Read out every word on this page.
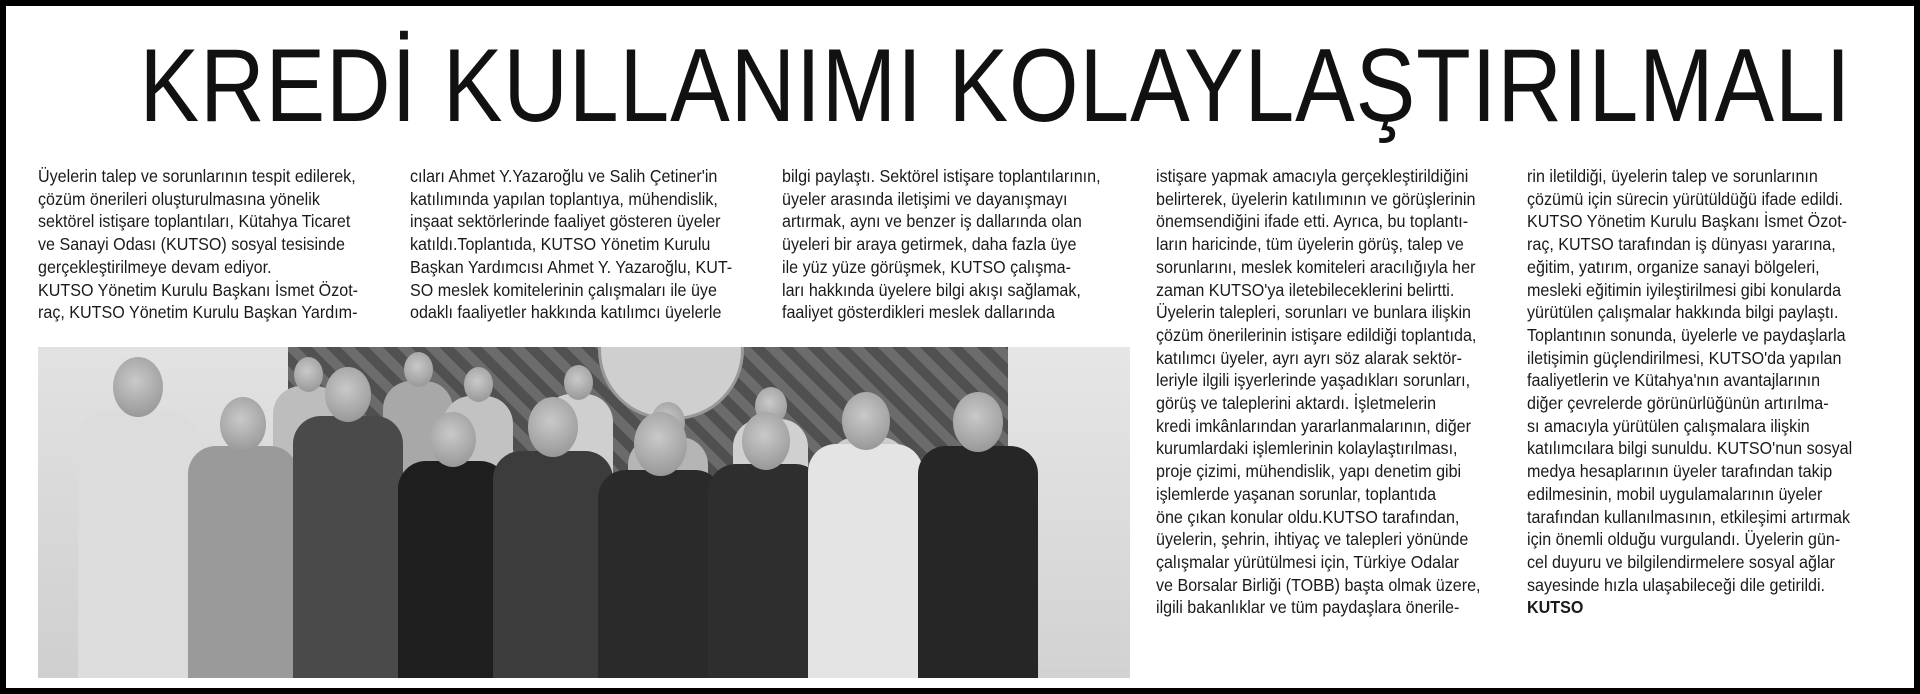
KREDİ KULLANIMI KOLAYLAŞTIRILMALI

Üyelerin talep ve sorunlarının tespit edilerek,

çözüm önerileri oluşturulmasına yönelik

sektörel istişare toplantıları, Kütahya Ticaret

ve Sanayi Odası (KUTSO) sosyal tesisinde

gerçekleştirilmeye devam ediyor.

KUTSO Yönetim Kurulu Başkanı İsmet Özot-

raç, KUTSO Yönetim Kurulu Başkan Yardım-

cıları Ahmet Y.Yazaroğlu ve Salih Çetiner'in

katılımında yapılan toplantıya, mühendislik,

inşaat sektörlerinde faaliyet gösteren üyeler

katıldı.Toplantıda, KUTSO Yönetim Kurulu

Başkan Yardımcısı Ahmet Y. Yazaroğlu, KUT-

SO meslek komitelerinin çalışmaları ile üye

odaklı faaliyetler hakkında katılımcı üyelerle

bilgi paylaştı. Sektörel istişare toplantılarının,

üyeler arasında iletişimi ve dayanışmayı

artırmak, aynı ve benzer iş dallarında olan

üyeleri bir araya getirmek, daha fazla üye

ile yüz yüze görüşmek, KUTSO çalışma-

ları hakkında üyelere bilgi akışı sağlamak,

faaliyet gösterdikleri meslek dallarında

istişare yapmak amacıyla gerçekleştirildiğini

belirterek, üyelerin katılımının ve görüşlerinin

önemsendiğini ifade etti. Ayrıca, bu toplantı-

ların haricinde, tüm üyelerin görüş, talep ve

sorunlarını, meslek komiteleri aracılığıyla her

zaman KUTSO'ya iletebileceklerini belirtti.

Üyelerin talepleri, sorunları ve bunlara ilişkin

çözüm önerilerinin istişare edildiği toplantıda,

katılımcı üyeler, ayrı ayrı söz alarak sektör-

leriyle ilgili işyerlerinde yaşadıkları sorunları,

görüş ve taleplerini aktardı. İşletmelerin

kredi imkânlarından yararlanmalarının, diğer

kurumlardaki işlemlerinin kolaylaştırılması,

proje çizimi, mühendislik, yapı denetim gibi

işlemlerde yaşanan sorunlar, toplantıda

öne çıkan konular oldu.KUTSO tarafından,

üyelerin, şehrin, ihtiyaç ve talepleri yönünde

çalışmalar yürütülmesi için, Türkiye Odalar

ve Borsalar Birliği (TOBB) başta olmak üzere,

ilgili bakanlıklar ve tüm paydaşlara önerile-

rin iletildiği, üyelerin talep ve sorunlarının

çözümü için sürecin yürütüldüğü ifade edildi.

KUTSO Yönetim Kurulu Başkanı İsmet Özot-

raç, KUTSO tarafından iş dünyası yararına,

eğitim, yatırım, organize sanayi bölgeleri,

mesleki eğitimin iyileştirilmesi gibi konularda

yürütülen çalışmalar hakkında bilgi paylaştı.

Toplantının sonunda, üyelerle ve paydaşlarla

iletişimin güçlendirilmesi, KUTSO'da yapılan

faaliyetlerin ve Kütahya'nın avantajlarının

diğer çevrelerde görünürlüğünün artırılma-

sı amacıyla yürütülen çalışmalara ilişkin

katılımcılara bilgi sunuldu. KUTSO'nun sosyal

medya hesaplarının üyeler tarafından takip

edilmesinin, mobil uygulamalarının üyeler

tarafından kullanılmasının, etkileşimi artırmak

için önemli olduğu vurgulandı. Üyelerin gün-

cel duyuru ve bilgilendirmelere sosyal ağlar

sayesinde hızla ulaşabileceği dile getirildi.

KUTSO
